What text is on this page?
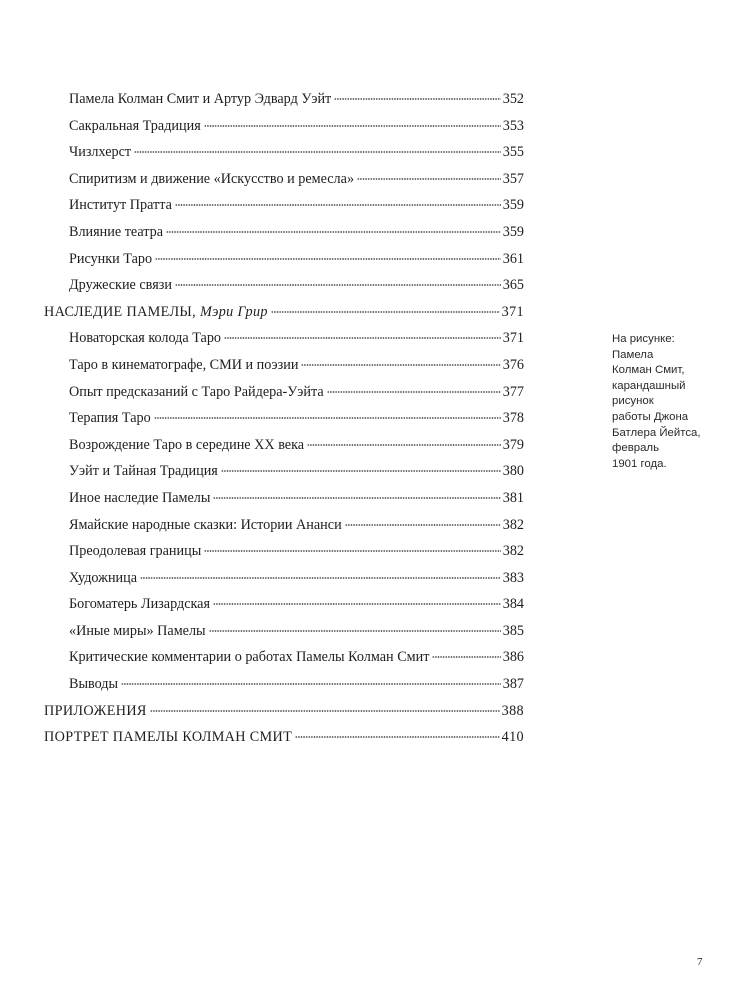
Памела Колман Смит и Артур Эдвард Уэйт	352
Сакральная Традиция	353
Чизлхерст	355
Спиритизм и движение «Искусство и ремесла»	357
Институт Пратта	359
Влияние театра	359
Рисунки Таро	361
Дружеские связи	365
НАСЛЕДИЕ ПАМЕЛЫ, Мэри Грир	371
Новаторская колода Таро	371
Таро в кинематографе, СМИ и поэзии	376
Опыт предсказаний с Таро Райдера-Уэйта	377
Терапия Таро	378
Возрождение Таро в середине ХХ века	379
Уэйт и Тайная Традиция	380
Иное наследие Памелы	381
Ямайские народные сказки: Истории Ананси	382
Преодолевая границы	382
Художница	383
Богоматерь Лизардская	384
«Иные миры» Памелы	385
Критические комментарии о работах Памелы Колман Смит	386
Выводы	387
ПРИЛОЖЕНИЯ	388
ПОРТРЕТ ПАМЕЛЫ КОЛМАН СМИТ	410
На рисунке:
Памела
Колман Смит,
карандашный
рисунок
работы Джона
Батлера Йейтса,
февраль
1901 года.
7
